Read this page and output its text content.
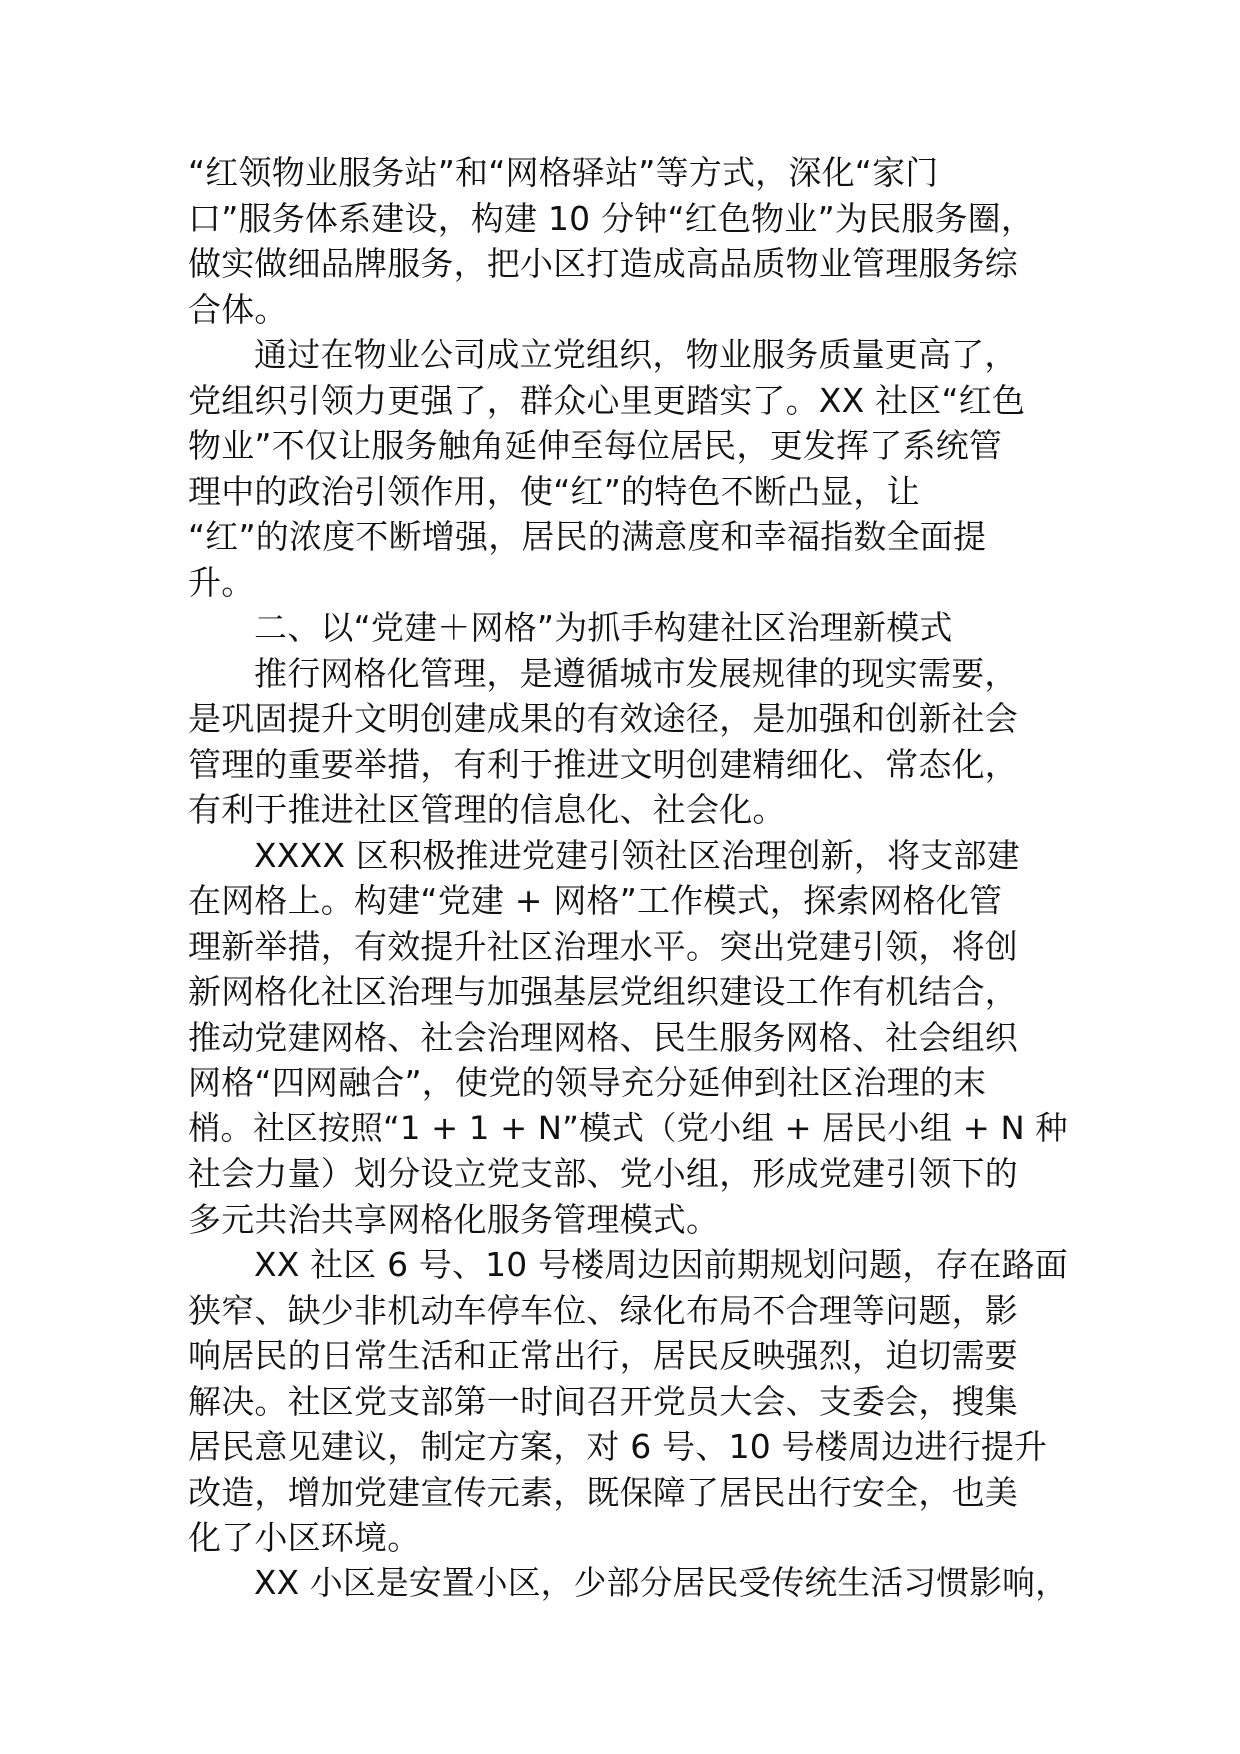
“红领物业服务站”和“网格驿站”等方式，深化“家门
口”服务体系建设，构建 10 分钟“红色物业”为民服务圈，
做实做细品牌服务，把小区打造成高品质物业管理服务综
合体。
通过在物业公司成立党组织，物业服务质量更高了，
党组织引领力更强了，群众心里更踏实了。XX 社区“红色
物业”不仅让服务触角延伸至每位居民，更发挥了系统管
理中的政治引领作用，使“红”的特色不断凸显，让
“红”的浓度不断增强，居民的满意度和幸福指数全面提
升。
二、以“党建＋网格”为抓手构建社区治理新模式
推行网格化管理，是遵循城市发展规律的现实需要，
是巩固提升文明创建成果的有效途径，是加强和创新社会
管理的重要举措，有利于推进文明创建精细化、常态化，
有利于推进社区管理的信息化、社会化。
XXXX 区积极推进党建引领社区治理创新，将支部建
在网格上。构建“党建 + 网格”工作模式，探索网格化管
理新举措，有效提升社区治理水平。突出党建引领，将创
新网格化社区治理与加强基层党组织建设工作有机结合，
推动党建网格、社会治理网格、民生服务网格、社会组织
网格“四网融合”，使党的领导充分延伸到社区治理的末
梢。社区按照“1 + 1 + N”模式（党小组 + 居民小组 + N 种
社会力量）划分设立党支部、党小组，形成党建引领下的
多元共治共享网格化服务管理模式。
XX 社区 6 号、10 号楼周边因前期规划问题，存在路面
狭窄、缺少非机动车停车位、绿化布局不合理等问题，影
响居民的日常生活和正常出行，居民反映强烈，迫切需要
解决。社区党支部第一时间召开党员大会、支委会，搜集
居民意见建议，制定方案，对 6 号、10 号楼周边进行提升
改造，增加党建宣传元素，既保障了居民出行安全，也美
化了小区环境。
XX 小区是安置小区，少部分居民受传统生活习惯影响，
